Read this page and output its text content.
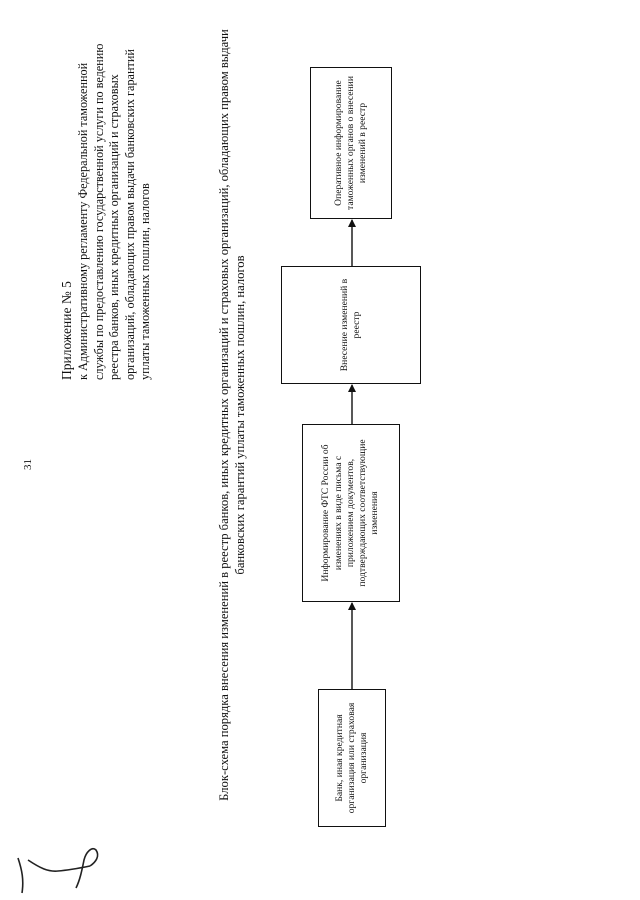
31
Приложение № 5 к Административному регламенту Федеральной таможенной службы по предоставлению государственной услуги по ведению реестра банков, иных кредитных организаций и страховых организаций, обладающих правом выдачи банковских гарантий уплаты таможенных пошлин, налогов	Блок-схема порядка внесения изменений в реестр банков, иных кредитных организаций и страховых организаций, обладающих правом выдачи банковских гарантий уплаты таможенных пошлин, налогов
Банк, иная кредитная организация или страховая организация
Информирование ФТС России об изменениях в виде письма с приложением документов, подтверждающих соответствующие изменения
Внесение изменений в реестр
Оперативное информирование таможенных органов о внесении изменений в реестр
